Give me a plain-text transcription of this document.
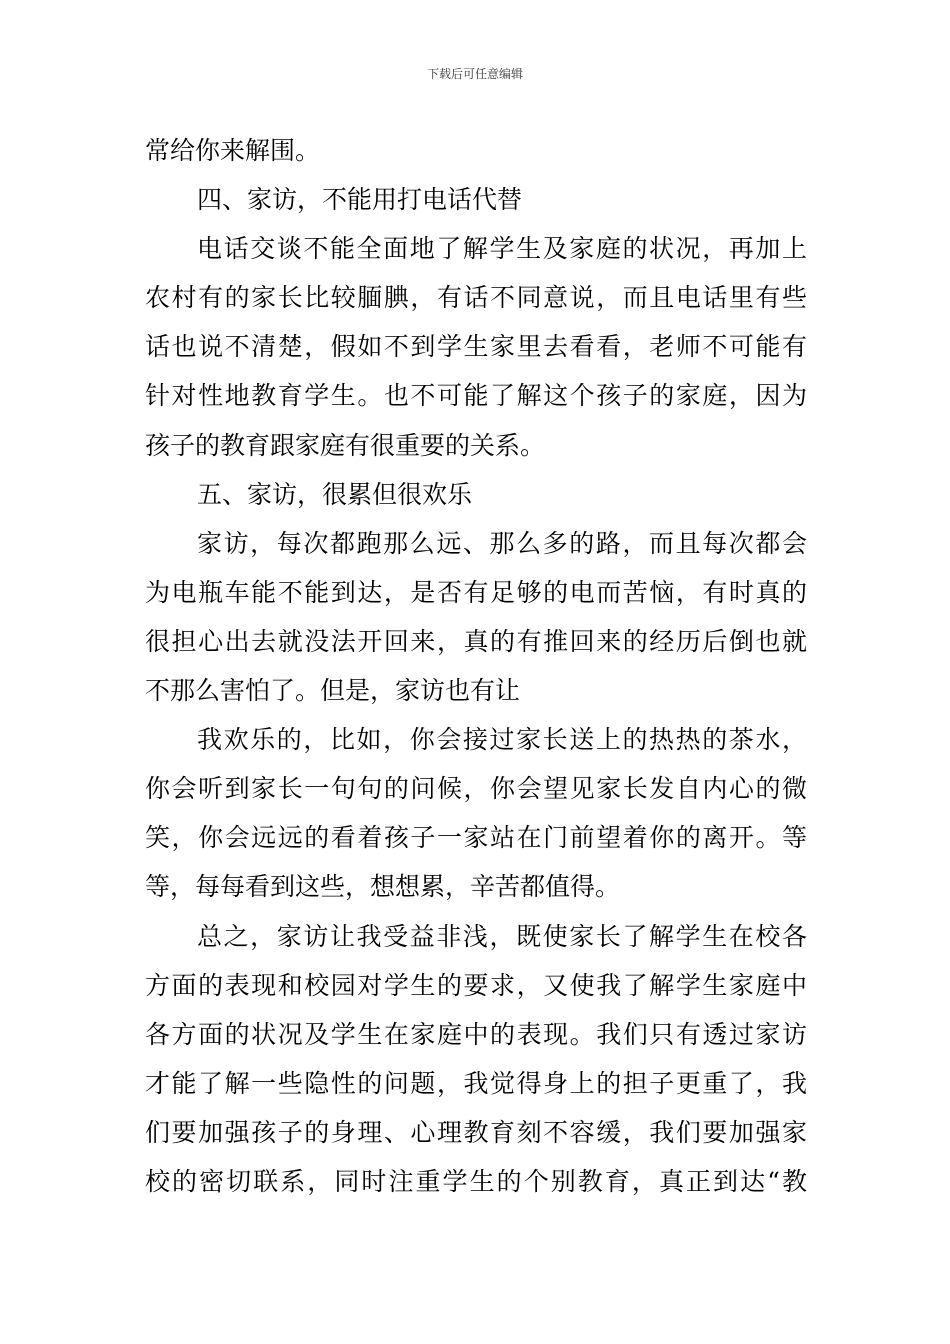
下载后可任意编辑
常给你来解围。
四、家访，不能用打电话代替
电话交谈不能全面地了解学生及家庭的状况，再加上
农村有的家长比较腼腆，有话不同意说，而且电话里有些
话也说不清楚，假如不到学生家里去看看，老师不可能有
针对性地教育学生。也不可能了解这个孩子的家庭，因为
孩子的教育跟家庭有很重要的关系。
五、家访，很累但很欢乐
家访，每次都跑那么远、那么多的路，而且每次都会
为电瓶车能不能到达，是否有足够的电而苦恼，有时真的
很担心出去就没法开回来，真的有推回来的经历后倒也就
不那么害怕了。但是，家访也有让
我欢乐的，比如，你会接过家长送上的热热的茶水，
你会听到家长一句句的问候，你会望见家长发自内心的微
笑，你会远远的看着孩子一家站在门前望着你的离开。等
等，每每看到这些，想想累，辛苦都值得。
总之，家访让我受益非浅，既使家长了解学生在校各
方面的表现和校园对学生的要求，又使我了解学生家庭中
各方面的状况及学生在家庭中的表现。我们只有透过家访
才能了解一些隐性的问题，我觉得身上的担子更重了，我
们要加强孩子的身理、心理教育刻不容缓，我们要加强家
校的密切联系，同时注重学生的个别教育，真正到达“教
